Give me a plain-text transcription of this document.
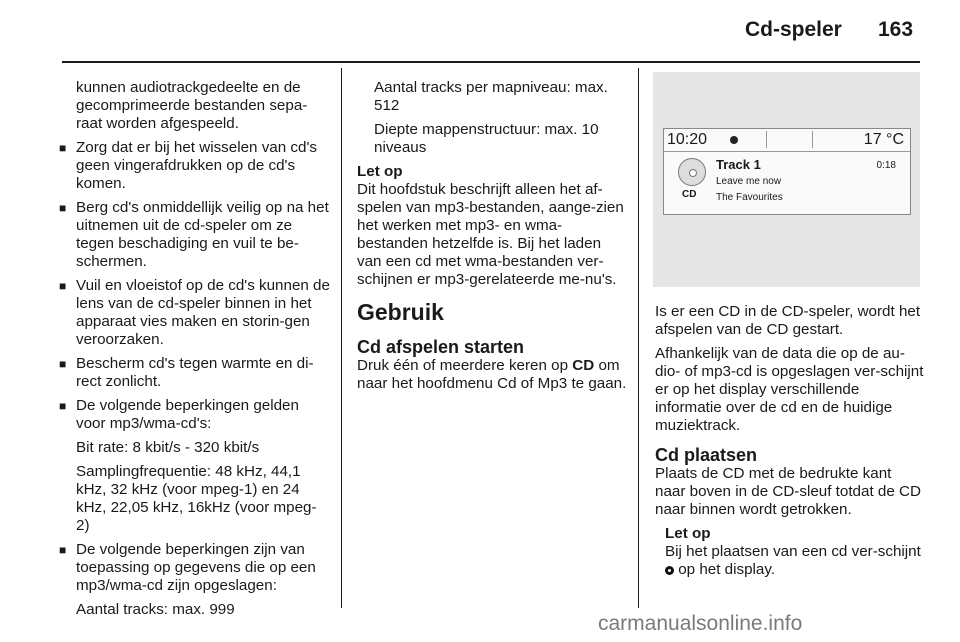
Cd-speler 163

kunnen audiotrackgedeelte en de gecomprimeerde bestanden sepa-raat worden afgespeeld.

■ Zorg dat er bij het wisselen van cd's geen vingerafdrukken op de cd's komen.
■ Berg cd's onmiddellijk veilig op na het uitnemen uit de cd-speler om ze tegen beschadiging en vuil te be-schermen.
■ Vuil en vloeistof op de cd's kunnen de lens van de cd-speler binnen in het apparaat vies maken en storin-gen veroorzaken.
■ Bescherm cd's tegen warmte en di-rect zonlicht.
■ De volgende beperkingen gelden voor mp3/wma-cd's:

Bit rate: 8 kbit/s - 320 kbit/s

Samplingfrequentie: 48 kHz, 44,1 kHz, 32 kHz (voor mpeg-1) en 24 kHz, 22,05 kHz, 16kHz (voor mpeg-2)

■ De volgende beperkingen zijn van toepassing op gegevens die op een mp3/wma-cd zijn opgeslagen:

Aantal tracks: max. 999

Aantal tracks per mapniveau: max. 512

Diepte mappenstructuur: max. 10 niveaus

Let op

Dit hoofdstuk beschrijft alleen het af-spelen van mp3-bestanden, aange-zien het werken met mp3- en wma-bestanden hetzelfde is. Bij het laden van een cd met wma-bestanden ver-schijnen er mp3-gerelateerde me-nu's.

Gebruik
Cd afspelen starten

Druk één of meerdere keren op CD om naar het hoofdmenu Cd of Mp3 te gaan.

10:20	17 °C
CD
Track 1
Leave me now
The Favourites
0:18

Is er een CD in de CD-speler, wordt het afspelen van de CD gestart.

Afhankelijk van de data die op de au-dio- of mp3-cd is opgeslagen ver-schijnt er op het display verschillende informatie over de cd en de huidige muziektrack.

Cd plaatsen

Plaats de CD met de bedrukte kant naar boven in de CD-sleuf totdat de CD naar binnen wordt getrokken.

Let op

Bij het plaatsen van een cd ver-schijnt  op het display.

carmanualsonline.info
